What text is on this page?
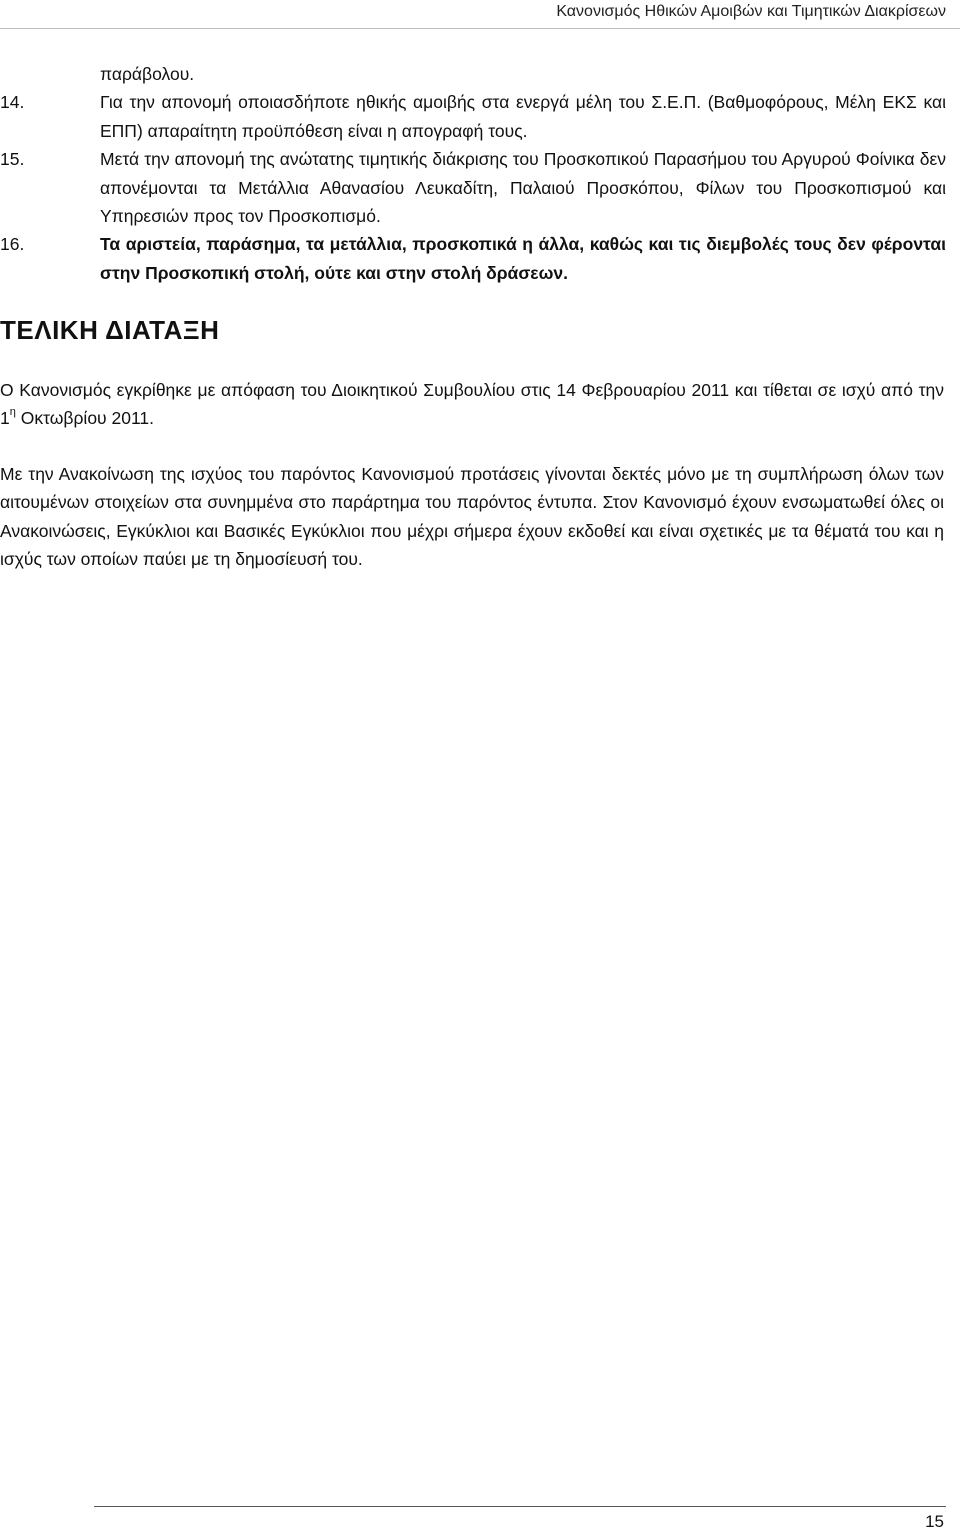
Κανονισμός Ηθικών Αμοιβών και Τιμητικών Διακρίσεων
παράβολου.
14.	Για την απονομή οποιασδήποτε ηθικής αμοιβής στα ενεργά μέλη του Σ.Ε.Π. (Βαθμοφόρους, Μέλη ΕΚΣ και ΕΠΠ) απαραίτητη προϋπόθεση είναι η απογραφή τους.
15.	Μετά την απονομή της ανώτατης τιμητικής διάκρισης του Προσκοπικού Παρασήμου του Αργυρού Φοίνικα δεν απονέμονται τα Μετάλλια Αθανασίου Λευκαδίτη, Παλαιού Προσκόπου, Φίλων του Προσκοπισμού και Υπηρεσιών προς τον Προσκοπισμό.
16.	Τα αριστεία, παράσημα, τα μετάλλια, προσκοπικά η άλλα, καθώς και τις διεμβολές τους δεν φέρονται στην Προσκοπική στολή, ούτε και στην στολή δράσεων.
ΤΕΛΙΚΗ ΔΙΑΤΑΞΗ
Ο Κανονισμός εγκρίθηκε με απόφαση του Διοικητικού Συμβουλίου στις 14 Φεβρουαρίου 2011 και τίθεται σε ισχύ από την $1^\eta$ Οκτωβρίου 2011.
Με την Ανακοίνωση της ισχύος του παρόντος Κανονισμού προτάσεις γίνονται δεκτές μόνο με τη συμπλήρωση όλων των αιτουμένων στοιχείων στα συνημμένα στο παράρτημα του παρόντος έντυπα. Στον Κανονισμό έχουν ενσωματωθεί όλες οι Ανακοινώσεις, Εγκύκλιοι και Βασικές Εγκύκλιοι που μέχρι σήμερα έχουν εκδοθεί και είναι σχετικές με τα θέματά του και η ισχύς των οποίων παύει με τη δημοσίευσή του.
15
